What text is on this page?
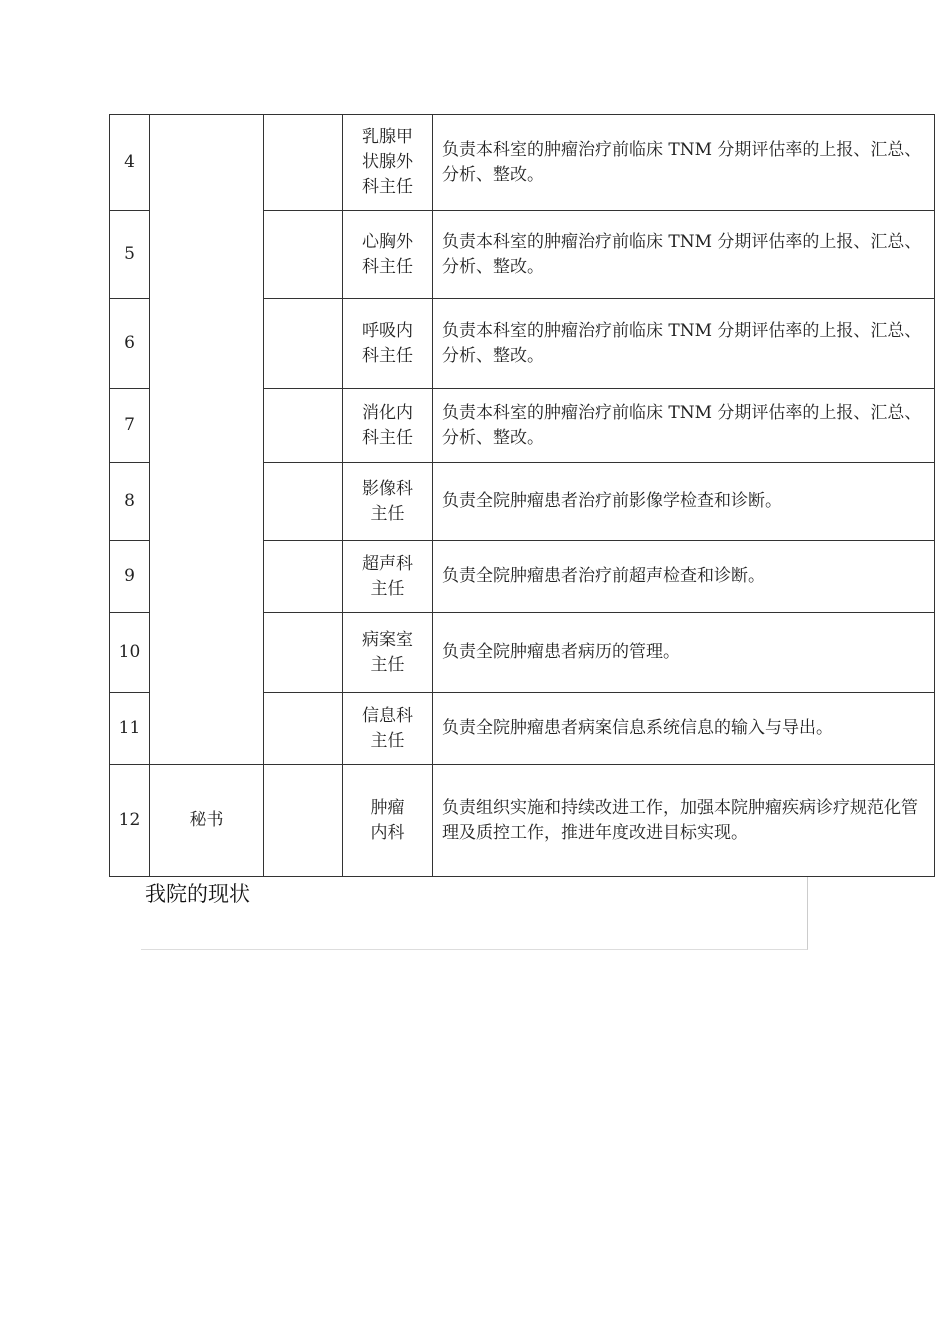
4			乳腺甲状腺外科主任	负责本科室的肿瘤治疗前临床 TNM 分期评估率的上报、汇总、分析、整改。
5			心胸外科主任	负责本科室的肿瘤治疗前临床 TNM 分期评估率的上报、汇总、分析、整改。
6			呼吸内科主任	负责本科室的肿瘤治疗前临床 TNM 分期评估率的上报、汇总、分析、整改。
7			消化内科主任	负责本科室的肿瘤治疗前临床 TNM 分期评估率的上报、汇总、分析、整改。
8			影像科主任	负责全院肿瘤患者治疗前影像学检查和诊断。
9			超声科主任	负责全院肿瘤患者治疗前超声检查和诊断。
10			病案室主任	负责全院肿瘤患者病历的管理。
11			信息科主任	负责全院肿瘤患者病案信息系统信息的输入与导出。
12	秘书		肿瘤内科	负责组织实施和持续改进工作，加强本院肿瘤疾病诊疗规范化管理及质控工作，推进年度改进目标实现。
我院的现状
